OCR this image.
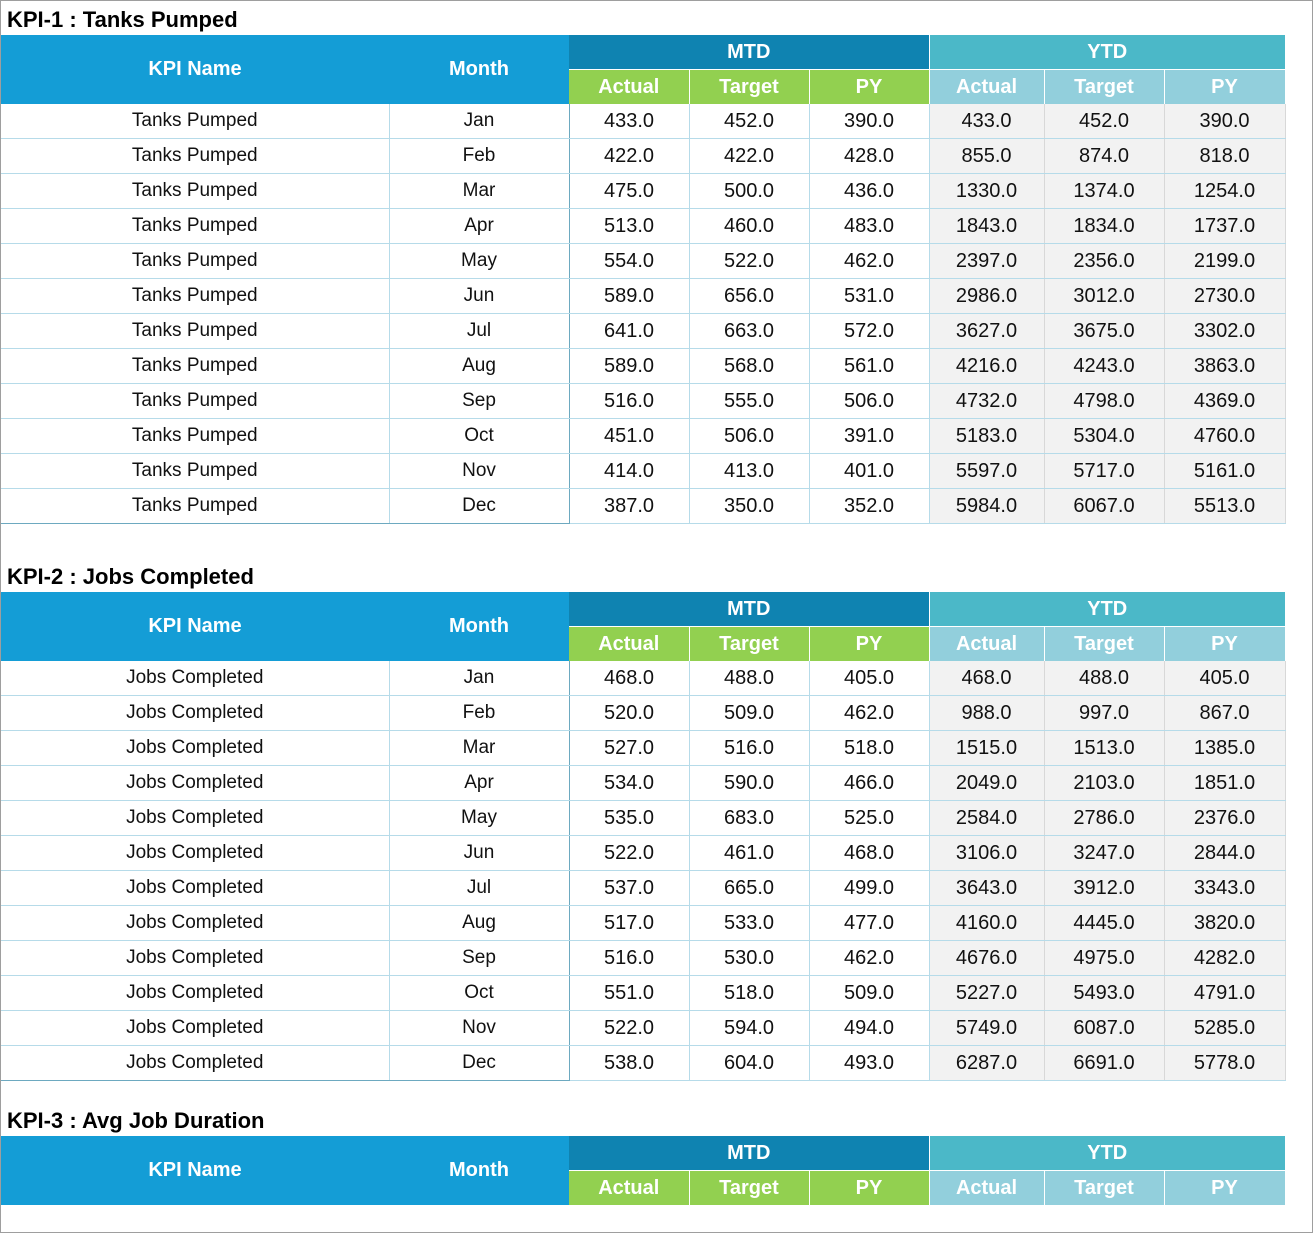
KPI-1 : Tanks Pumped
KPI Name	Month	MTD			YTD		
		Actual	Target	PY	Actual	Target	PY
Tanks Pumped	Jan	433.0	452.0	390.0	433.0	452.0	390.0
Tanks Pumped	Feb	422.0	422.0	428.0	855.0	874.0	818.0
Tanks Pumped	Mar	475.0	500.0	436.0	1330.0	1374.0	1254.0
Tanks Pumped	Apr	513.0	460.0	483.0	1843.0	1834.0	1737.0
Tanks Pumped	May	554.0	522.0	462.0	2397.0	2356.0	2199.0
Tanks Pumped	Jun	589.0	656.0	531.0	2986.0	3012.0	2730.0
Tanks Pumped	Jul	641.0	663.0	572.0	3627.0	3675.0	3302.0
Tanks Pumped	Aug	589.0	568.0	561.0	4216.0	4243.0	3863.0
Tanks Pumped	Sep	516.0	555.0	506.0	4732.0	4798.0	4369.0
Tanks Pumped	Oct	451.0	506.0	391.0	5183.0	5304.0	4760.0
Tanks Pumped	Nov	414.0	413.0	401.0	5597.0	5717.0	5161.0
Tanks Pumped	Dec	387.0	350.0	352.0	5984.0	6067.0	5513.0
KPI-2 : Jobs Completed
KPI Name	Month	MTD			YTD		
		Actual	Target	PY	Actual	Target	PY
Jobs Completed	Jan	468.0	488.0	405.0	468.0	488.0	405.0
Jobs Completed	Feb	520.0	509.0	462.0	988.0	997.0	867.0
Jobs Completed	Mar	527.0	516.0	518.0	1515.0	1513.0	1385.0
Jobs Completed	Apr	534.0	590.0	466.0	2049.0	2103.0	1851.0
Jobs Completed	May	535.0	683.0	525.0	2584.0	2786.0	2376.0
Jobs Completed	Jun	522.0	461.0	468.0	3106.0	3247.0	2844.0
Jobs Completed	Jul	537.0	665.0	499.0	3643.0	3912.0	3343.0
Jobs Completed	Aug	517.0	533.0	477.0	4160.0	4445.0	3820.0
Jobs Completed	Sep	516.0	530.0	462.0	4676.0	4975.0	4282.0
Jobs Completed	Oct	551.0	518.0	509.0	5227.0	5493.0	4791.0
Jobs Completed	Nov	522.0	594.0	494.0	5749.0	6087.0	5285.0
Jobs Completed	Dec	538.0	604.0	493.0	6287.0	6691.0	5778.0
KPI-3 : Avg Job Duration
KPI Name	Month	MTD			YTD		
		Actual	Target	PY	Actual	Target	PY
